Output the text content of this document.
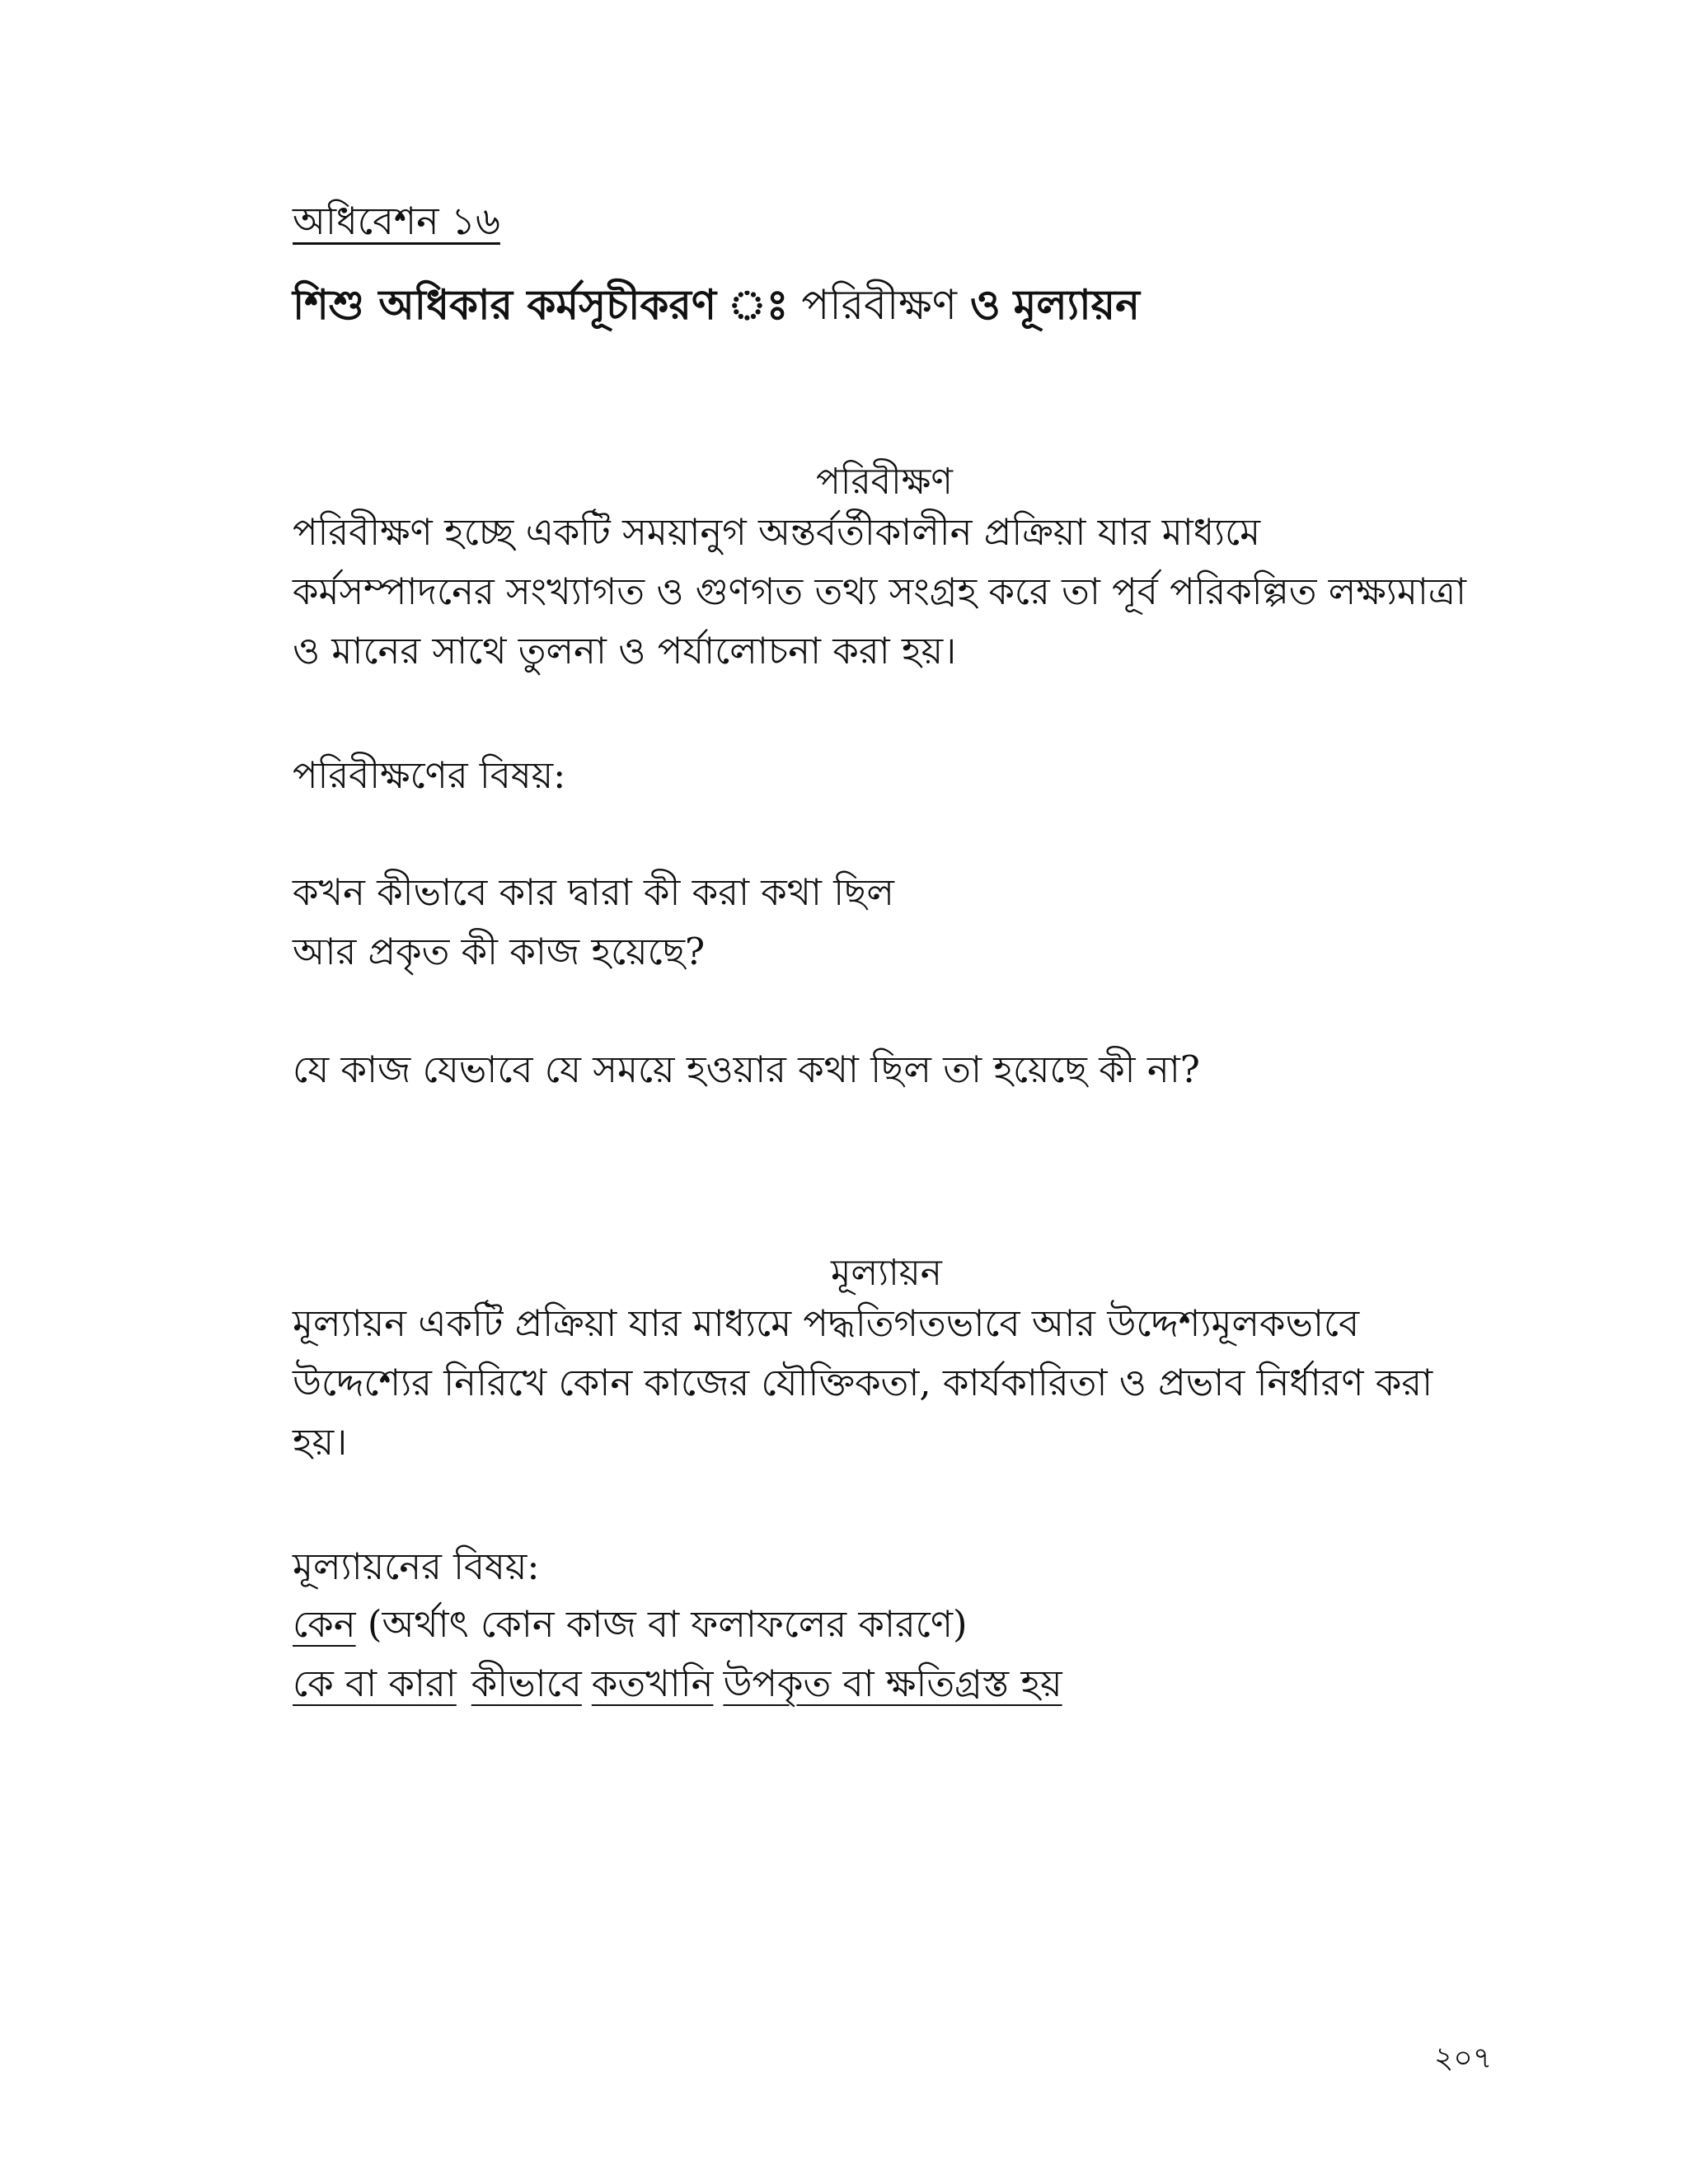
অধিবেশন ১৬
শিশু অধিকার কর্মসূচীকরণ ঃ পরিবীক্ষণ ও মূল্যায়ন
পরিবীক্ষণ
পরিবীক্ষণ হচ্ছে একটি সময়ানুগ অন্তর্বর্তীকালীন প্রক্রিয়া যার মাধ্যমে
কর্মসম্পাদনের সংখ্যাগত ও গুণগত তথ্য সংগ্রহ করে তা পূর্ব পরিকল্পিত লক্ষ্যমাত্রা
ও মানের সাথে তুলনা ও পর্যালোচনা করা হয়।
পরিবীক্ষণের বিষয়:
কখন কীভাবে কার দ্বারা কী করা কথা ছিল
আর প্রকৃত কী কাজ হয়েছে?
যে কাজ যেভাবে যে সময়ে হওয়ার কথা ছিল তা হয়েছে কী না?
মূল্যায়ন
মূল্যায়ন একটি প্রক্রিয়া যার মাধ্যমে পদ্ধতিগতভাবে আর উদ্দেশ্যমূলকভাবে
উদ্দেশ্যের নিরিখে কোন কাজের যৌক্তিকতা, কার্যকারিতা ও প্রভাব নির্ধারণ করা
হয়।
মূল্যায়নের বিষয়:
কেন (অর্থাৎ কোন কাজ বা ফলাফলের কারণে)
কে বা কারা কীভাবে কতখানি উপকৃত বা ক্ষতিগ্রস্ত হয়
২০৭
